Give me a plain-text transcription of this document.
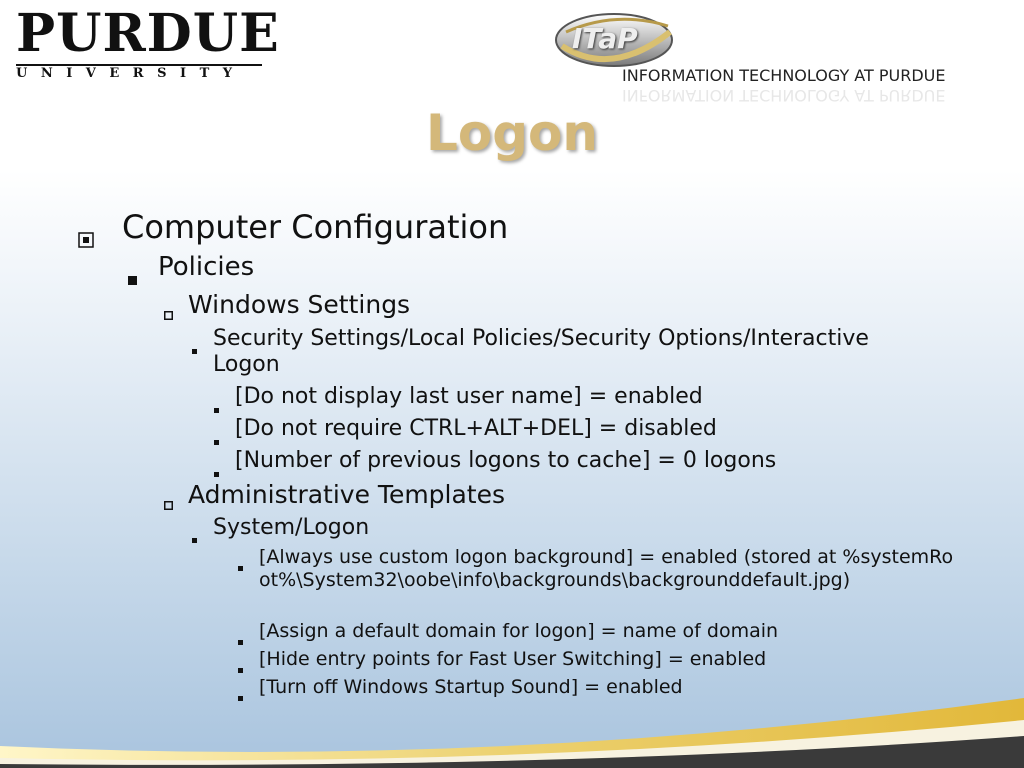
PURDUE
UNIVERSITY
ITaP
INFORMATION TECHNOLOGY AT PURDUE
INFORMATION TECHNOLOGY AT PURDUE
Logon
Computer Configuration
Policies
Windows Settings
Security Settings/Local Policies/Security Options/Interactive Logon
[Do not display last user name] = enabled
[Do not require CTRL+ALT+DEL] = disabled
[Number of previous logons to cache] = 0 logons
Administrative Templates
System/Logon
[Always use custom logon background] = enabled (stored at %systemRoot%\System32\oobe\info\backgrounds\backgrounddefault.jpg)
[Assign a default domain for logon] = name of domain
[Hide entry points for Fast User Switching] = enabled
[Turn off Windows Startup Sound] = enabled
